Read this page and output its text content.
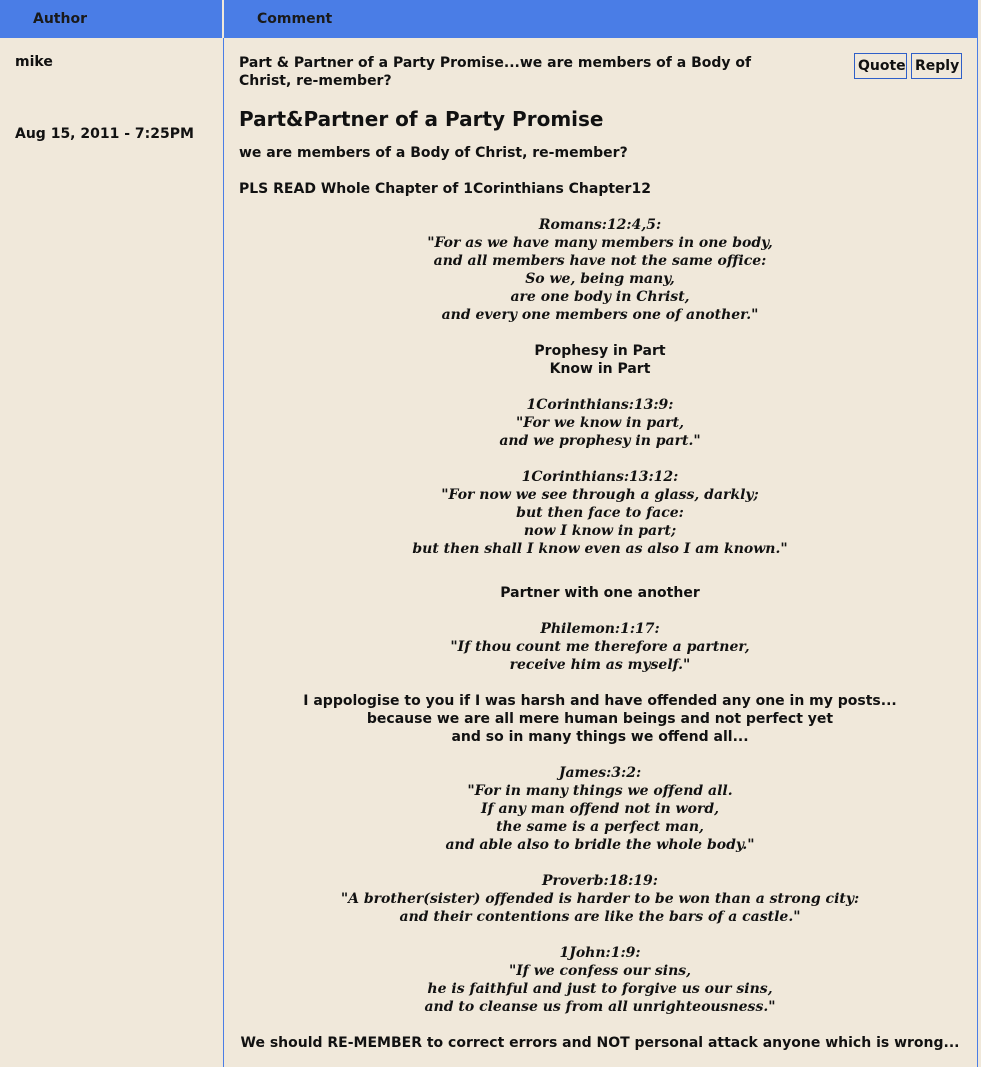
Author	Comment
mike
Aug 15, 2011 - 7:25PM
Part & Partner of a Party Promise...we are members of a Body of Christ, re-member?
Quote Reply
Part&Partner of a Party Promise

we are members of a Body of Christ, re-member?

PLS READ Whole Chapter of 1Corinthians Chapter12

Romans:12:4,5:

"For as we have many members in one body,

and all members have not the same office:

So we, being many,

are one body in Christ,

and every one members one of another."

Prophesy in Part

Know in Part

1Corinthians:13:9:

"For we know in part,

and we prophesy in part."

1Corinthians:13:12:

"For now we see through a glass, darkly;

but then face to face:

now I know in part;

but then shall I know even as also I am known."

Partner with one another

Philemon:1:17:

"If thou count me therefore a partner,

receive him as myself."

I appologise to you if I was harsh and have offended any one in my posts...

because we are all mere human beings and not perfect yet

and so in many things we offend all...

James:3:2:

"For in many things we offend all.

If any man offend not in word,

the same is a perfect man,

and able also to bridle the whole body."

Proverb:18:19:

"A brother(sister) offended is harder to be won than a strong city:

and their contentions are like the bars of a castle."

1John:1:9:

"If we confess our sins,

he is faithful and just to forgive us our sins,

and to cleanse us from all unrighteousness."

We should RE-MEMBER to correct errors and NOT personal attack anyone which is wrong...
